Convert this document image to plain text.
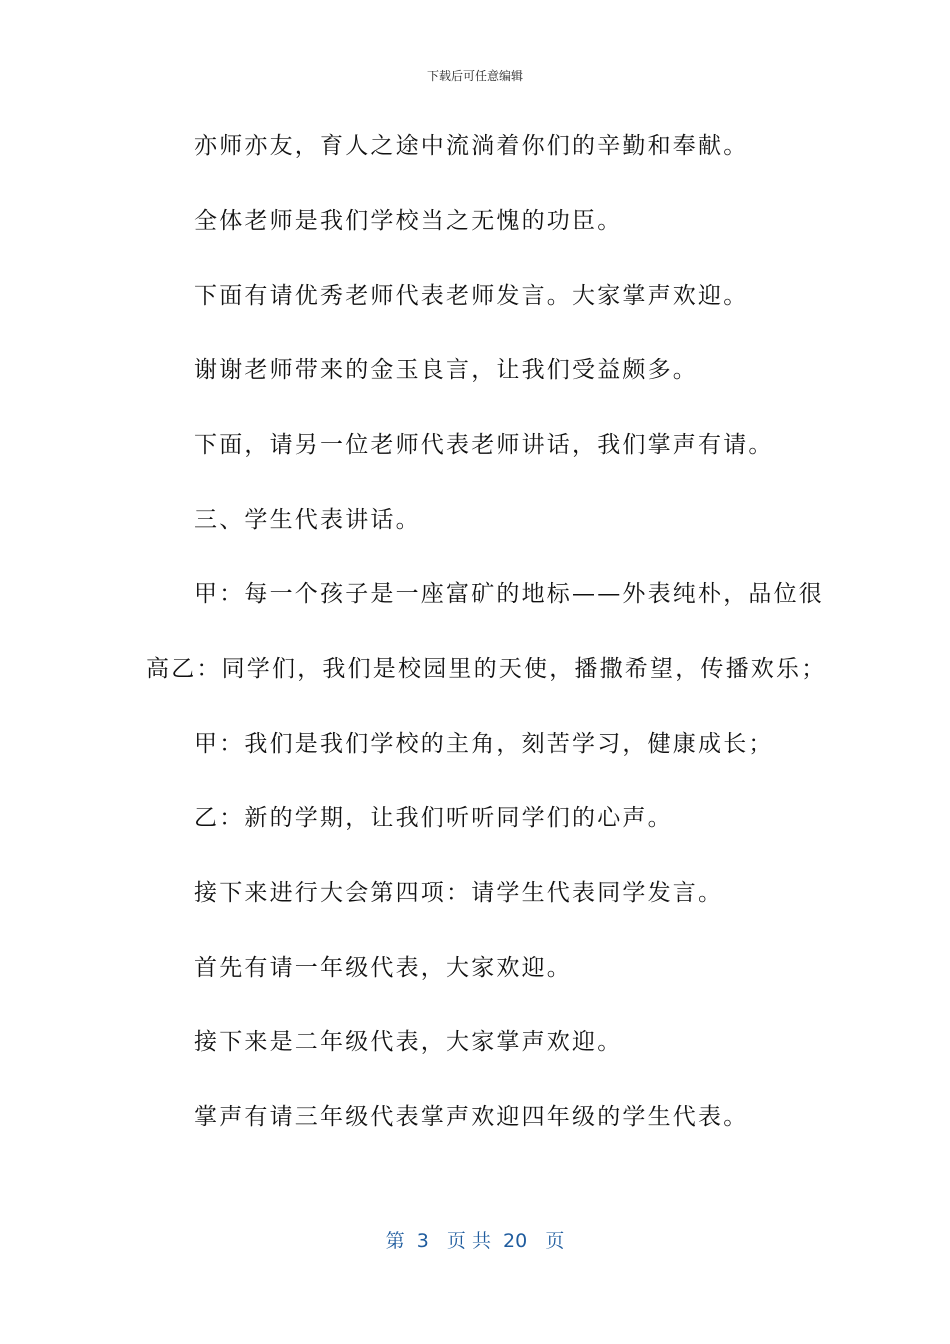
下载后可任意编辑
亦师亦友，育人之途中流淌着你们的辛勤和奉献。
全体老师是我们学校当之无愧的功臣。
下面有请优秀老师代表老师发言。大家掌声欢迎。
谢谢老师带来的金玉良言，让我们受益颇多。
下面，请另一位老师代表老师讲话，我们掌声有请。
三、学生代表讲话。
甲：每一个孩子是一座富矿的地标——外表纯朴，品位很
高乙：同学们，我们是校园里的天使，播撒希望，传播欢乐；
甲：我们是我们学校的主角，刻苦学习，健康成长；
乙：新的学期，让我们听听同学们的心声。
接下来进行大会第四项：请学生代表同学发言。
首先有请一年级代表，大家欢迎。
接下来是二年级代表，大家掌声欢迎。
掌声有请三年级代表掌声欢迎四年级的学生代表。
第  3   页 共  20   页
